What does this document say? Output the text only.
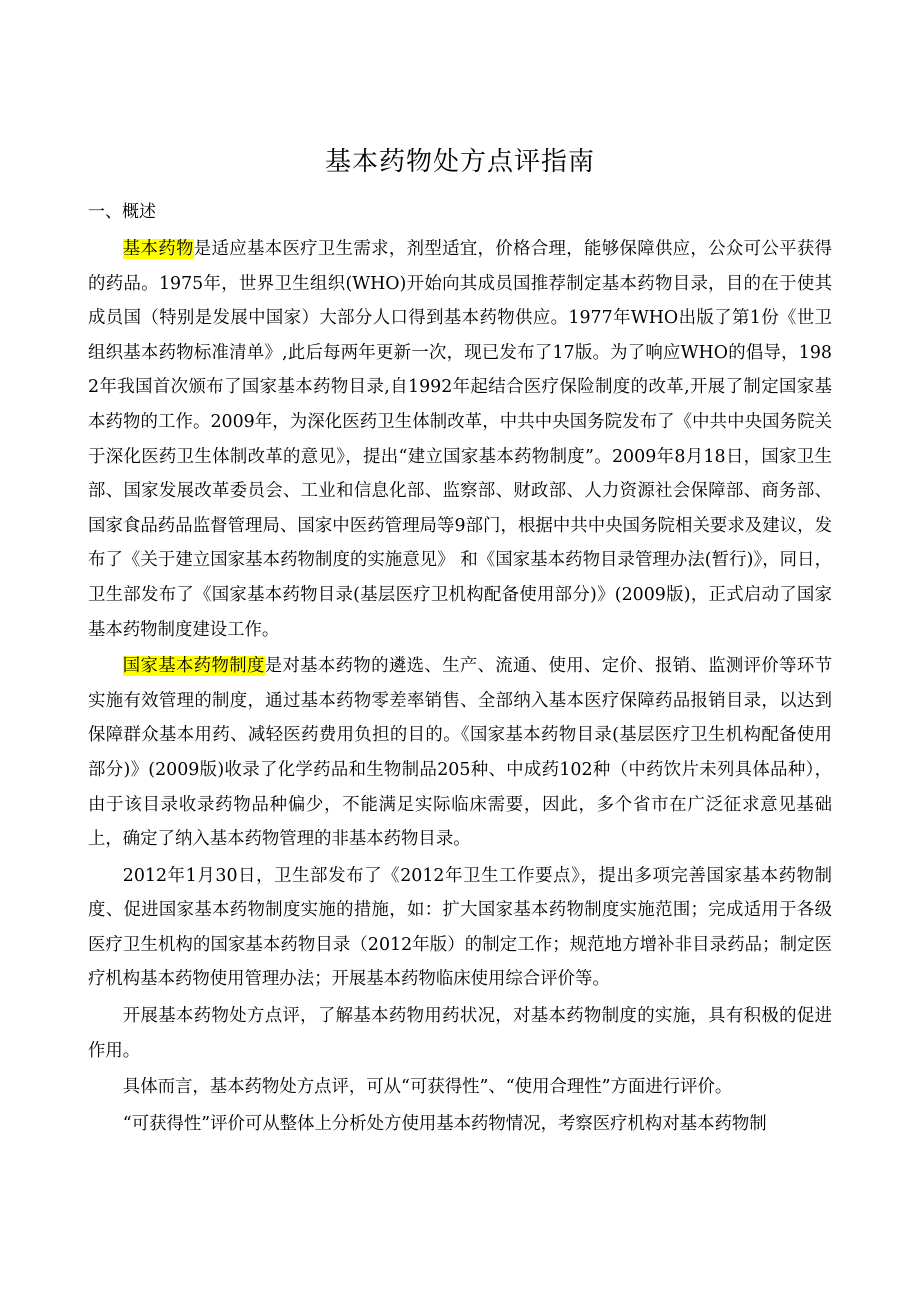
基本药物处方点评指南
一、概述

基本药物是适应基本医疗卫生需求，剂型适宜，价格合理，能够保障供应，公众可公平获得的药品。1975年，世界卫生组织(WHO)开始向其成员国推荐制定基本药物目录，目的在于使其成员国（特别是发展中国家）大部分人口得到基本药物供应。1977年WHO出版了第1份《世卫组织基本药物标准清单》,此后每两年更新一次，现已发布了17版。为了响应WHO的倡导，1982年我国首次颁布了国家基本药物目录,自1992年起结合医疗保险制度的改革,开展了制定国家基本药物的工作。2009年，为深化医药卫生体制改革，中共中央国务院发布了《中共中央国务院关于深化医药卫生体制改革的意见》，提出“建立国家基本药物制度”。2009年8月18日，国家卫生部、国家发展改革委员会、工业和信息化部、监察部、财政部、人力资源社会保障部、商务部、国家食品药品监督管理局、国家中医药管理局等9部门，根据中共中央国务院相关要求及建议，发布了《关于建立国家基本药物制度的实施意见》 和《国家基本药物目录管理办法(暂行)》，同日，卫生部发布了《国家基本药物目录(基层医疗卫机构配备使用部分)》(2009版)，正式启动了国家基本药物制度建设工作。

国家基本药物制度是对基本药物的遴选、生产、流通、使用、定价、报销、监测评价等环节实施有效管理的制度，通过基本药物零差率销售、全部纳入基本医疗保障药品报销目录，以达到保障群众基本用药、减轻医药费用负担的目的。《国家基本药物目录(基层医疗卫生机构配备使用部分)》(2009版)收录了化学药品和生物制品205种、中成药102种（中药饮片未列具体品种），由于该目录收录药物品种偏少，不能满足实际临床需要，因此，多个省市在广泛征求意见基础上，确定了纳入基本药物管理的非基本药物目录。

2012年1月30日，卫生部发布了《2012年卫生工作要点》，提出多项完善国家基本药物制度、促进国家基本药物制度实施的措施，如：扩大国家基本药物制度实施范围；完成适用于各级医疗卫生机构的国家基本药物目录（2012年版）的制定工作；规范地方增补非目录药品；制定医疗机构基本药物使用管理办法；开展基本药物临床使用综合评价等。

开展基本药物处方点评，了解基本药物用药状况，对基本药物制度的实施，具有积极的促进作用。

具体而言，基本药物处方点评，可从“可获得性”、“使用合理性”方面进行评价。

“可获得性”评价可从整体上分析处方使用基本药物情况，考察医疗机构对基本药物制
